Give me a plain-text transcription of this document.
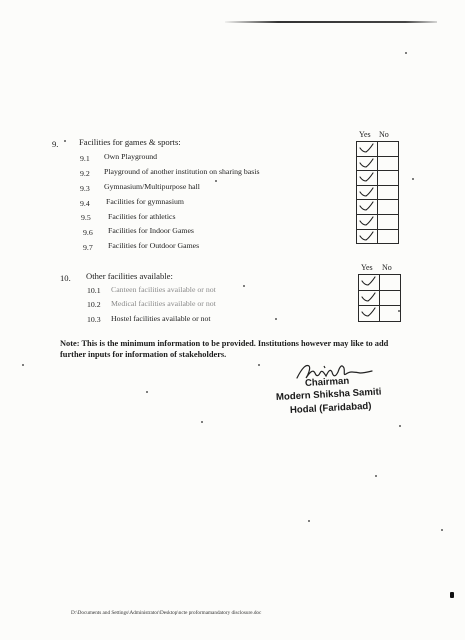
9. Facilities for games & sports:
Yes No
9.1 Own Playground
9.2 Playground of another institution on sharing basis
9.3 Gymnasium/Multipurpose hall
9.4 Facilities for gymnasium
9.5 Facilities for athletics
9.6 Facilities for Indoor Games
9.7 Facilities for Outdoor Games

10. Other facilities available:
Yes No
10.1 Canteen facilities available or not
10.2 Medical facilities available or not
10.3 Hostel facilities available or not

Note: This is the minimum information to be provided. Institutions however may like to add
further inputs for information of stakeholders.
Chairman
Modern Shiksha Samiti
Hodal (Faridabad)
D:\Documents and Settings\Administrator\Desktop\ncte proformamandatory disclosure.doc
